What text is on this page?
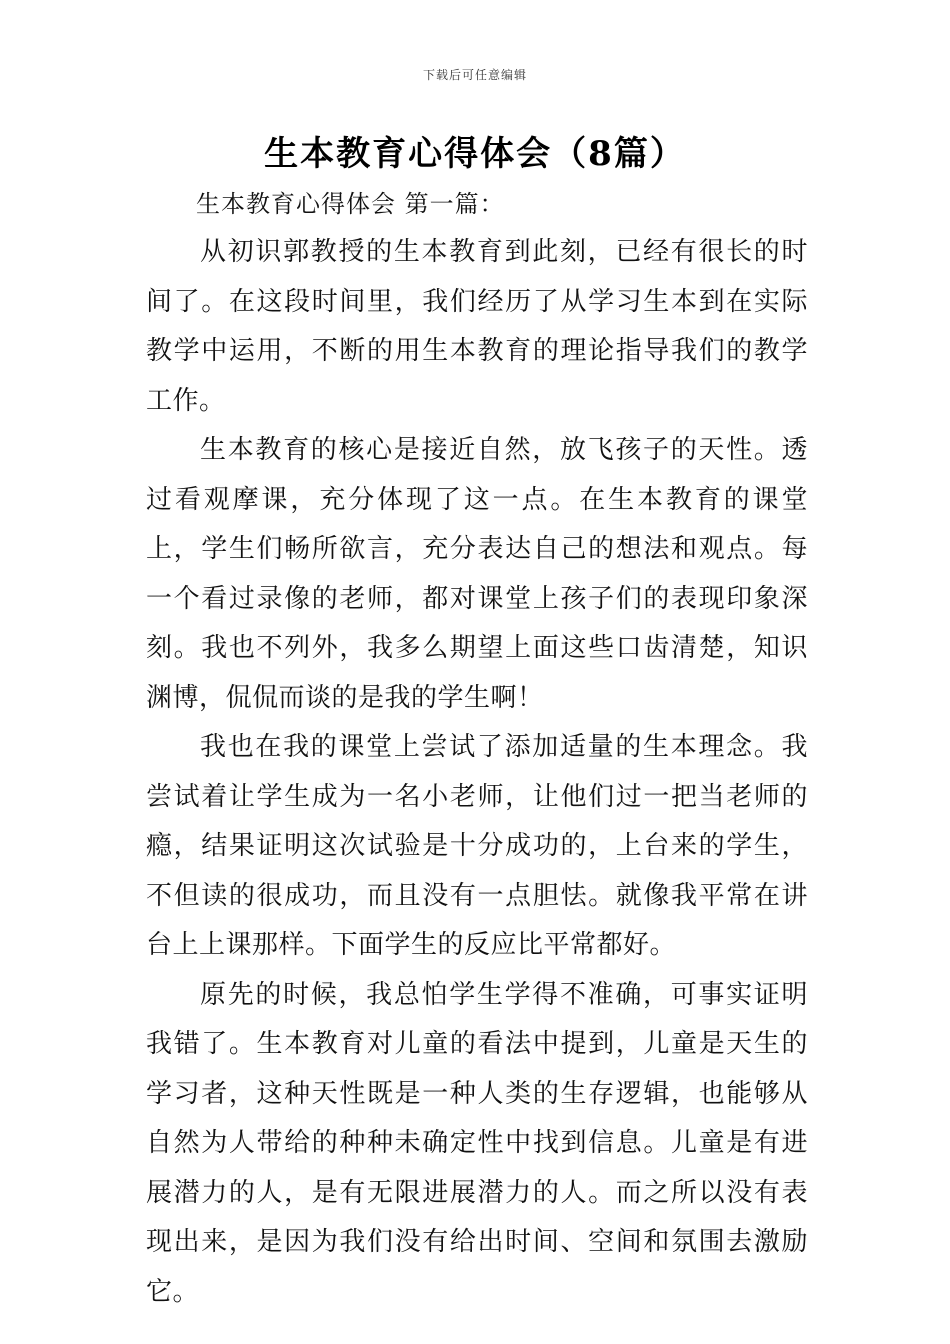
下载后可任意编辑
生本教育心得体会（8篇）
生本教育心得体会 第一篇：

从初识郭教授的生本教育到此刻，已经有很长的时间了。在这段时间里，我们经历了从学习生本到在实际教学中运用，不断的用生本教育的理论指导我们的教学工作。

生本教育的核心是接近自然，放飞孩子的天性。透过看观摩课，充分体现了这一点。在生本教育的课堂上，学生们畅所欲言，充分表达自己的想法和观点。每一个看过录像的老师，都对课堂上孩子们的表现印象深刻。我也不列外，我多么期望上面这些口齿清楚，知识渊博，侃侃而谈的是我的学生啊！

我也在我的课堂上尝试了添加适量的生本理念。我尝试着让学生成为一名小老师，让他们过一把当老师的瘾，结果证明这次试验是十分成功的，上台来的学生，不但读的很成功，而且没有一点胆怯。就像我平常在讲台上上课那样。下面学生的反应比平常都好。

原先的时候，我总怕学生学得不准确，可事实证明我错了。生本教育对儿童的看法中提到，儿童是天生的学习者，这种天性既是一种人类的生存逻辑，也能够从自然为人带给的种种未确定性中找到信息。儿童是有进展潜力的人，是有无限进展潜力的人。而之所以没有表现出来，是因为我们没有给出时间、空间和氛围去激励它。
